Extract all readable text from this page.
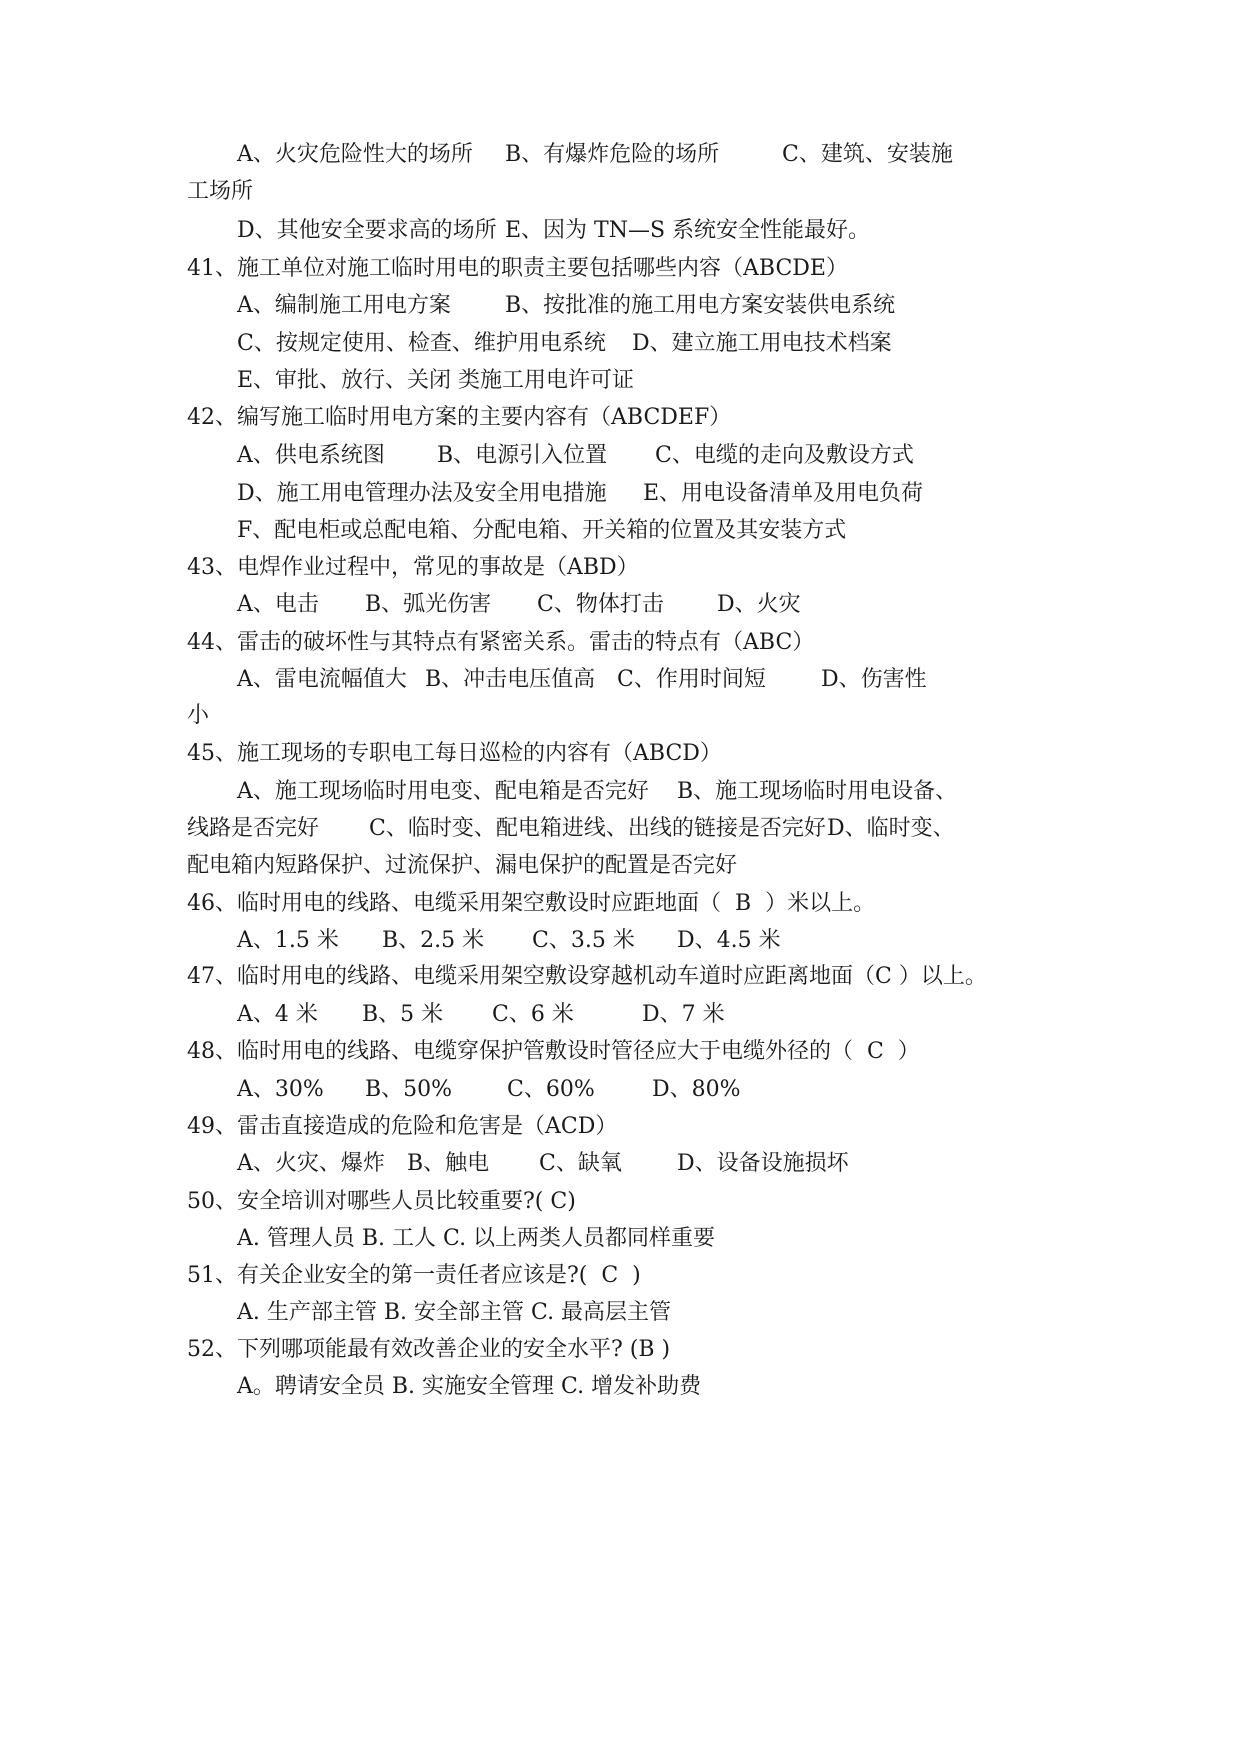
A、火灾危险性大的场所 B、有爆炸危险的场所	C、建筑、安装施
工场所
D、其他安全要求高的场所 E、因为 TN—S 系统安全性能最好。
41、施工单位对施工临时用电的职责主要包括哪些内容（ABCDE）
A、编制施工用电方案 B、按批准的施工用电方案安装供电系统
C、按规定使用、检查、维护用电系统 D、建立施工用电技术档案
E、审批、放行、关闭 类施工用电许可证
42、编写施工临时用电方案的主要内容有（ABCDEF）
A、供电系统图 B、电源引入位置 C、电缆的走向及敷设方式
D、施工用电管理办法及安全用电措施 E、用电设备清单及用电负荷
F、配电柜或总配电箱、分配电箱、开关箱的位置及其安装方式
43、电焊作业过程中，常见的事故是（ABD）
A、电击 B、弧光伤害 C、物体打击 D、火灾
44、雷击的破坏性与其特点有紧密关系。雷击的特点有（ABC）
A、雷电流幅值大 B、冲击电压值高 C、作用时间短	D、伤害性
小
45、施工现场的专职电工每日巡检的内容有（ABCD）
A、施工现场临时用电变、配电箱是否完好 B、施工现场临时用电设备、
线路是否完好 C、临时变、配电箱进线、出线的链接是否完好 D、临时变、
配电箱内短路保护、过流保护、漏电保护的配置是否完好
46、临时用电的线路、电缆采用架空敷设时应距地面（  B  ）米以上。
A、1.5 米 B、2.5 米 C、3.5 米 D、4.5 米
47、临时用电的线路、电缆采用架空敷设穿越机动车道时应距离地面（C ）以上。
A、4 米 B、5 米 C、6 米	D、7 米
48、临时用电的线路、电缆穿保护管敷设时管径应大于电缆外径的（  C  ）
A、30% B、50% C、60%	D、80%
49、雷击直接造成的危险和危害是（ACD）
A、火灾、爆炸 B、触电 C、缺氧	D、设备设施损坏
50、安全培训对哪些人员比较重要?( C)
A. 管理人员 B. 工人 C. 以上两类人员都同样重要
51、有关企业安全的第一责任者应该是?(  C  )
A. 生产部主管 B. 安全部主管 C. 最高层主管
52、下列哪项能最有效改善企业的安全水平? (B )
A。聘请安全员 B. 实施安全管理 C. 增发补助费
